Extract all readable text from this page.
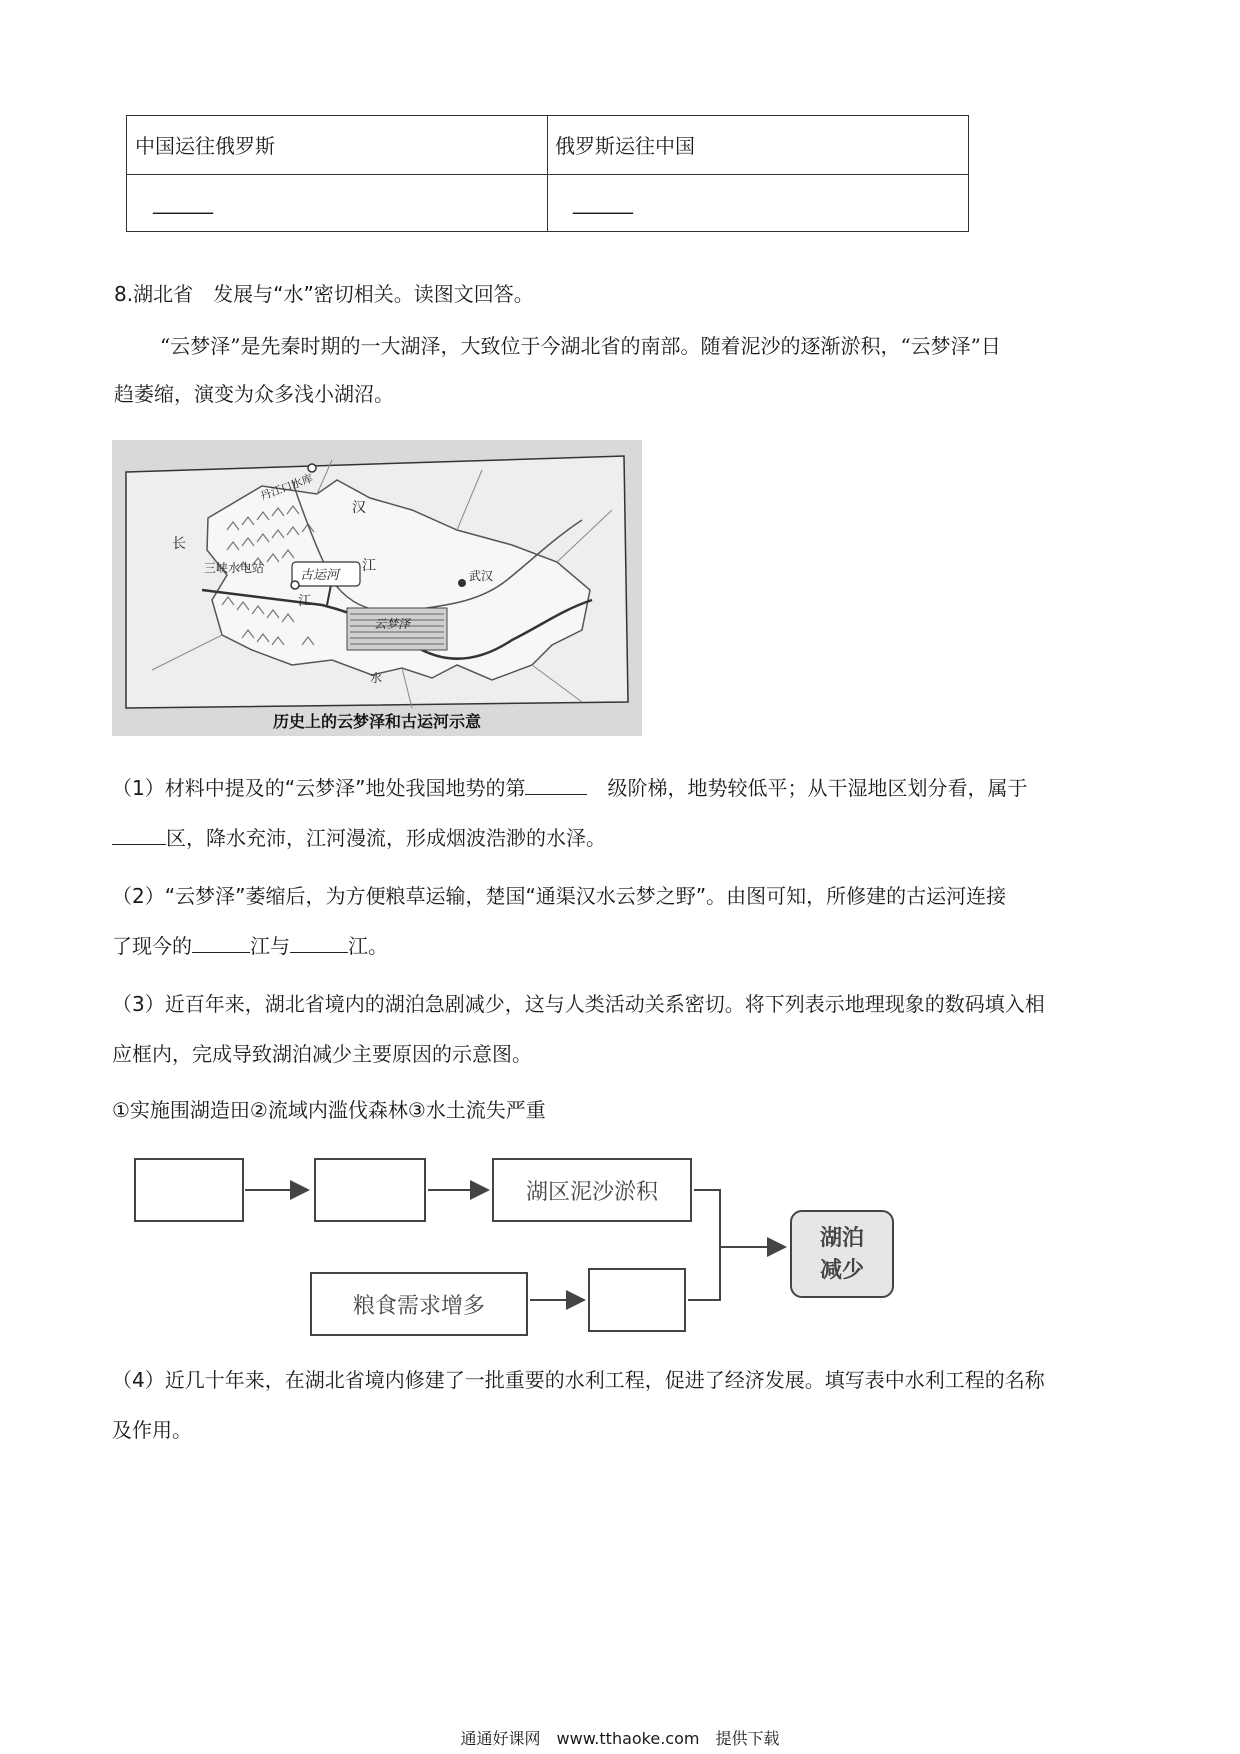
中国运往俄罗斯	俄罗斯运往中国
______	______
8.湖北省　发展与“水”密切相关。读图文回答。
“云梦泽”是先秦时期的一大湖泽，大致位于今湖北省的南部。随着泥沙的逐渐淤积，“云梦泽”日
趋萎缩，演变为众多浅小湖沼。
丹江口水库
汉
江
长
江
三峡水电站	古运河
云梦泽
武汉
水
历史上的云梦泽和古运河示意
（1）材料中提及的“云梦泽”地处我国地势的第	　级阶梯，地势较低平；从干湿地区划分看，属于
区，降水充沛，江河漫流，形成烟波浩渺的水泽。
（2）“云梦泽”萎缩后，为方便粮草运输，楚国“通渠汉水云梦之野”。由图可知，所修建的古运河连接
了现今的	江与	江。
（3）近百年来，湖北省境内的湖泊急剧减少，这与人类活动关系密切。将下列表示地理现象的数码填入相
应框内，完成导致湖泊减少主要原因的示意图。
①实施围湖造田②流域内滥伐森林③水土流失严重
湖区泥沙淤积
粮食需求增多
湖泊
减少
（4）近几十年来，在湖北省境内修建了一批重要的水利工程，促进了经济发展。填写表中水利工程的名称
及作用。
通通好课网　www.tthaoke.com　提供下载
